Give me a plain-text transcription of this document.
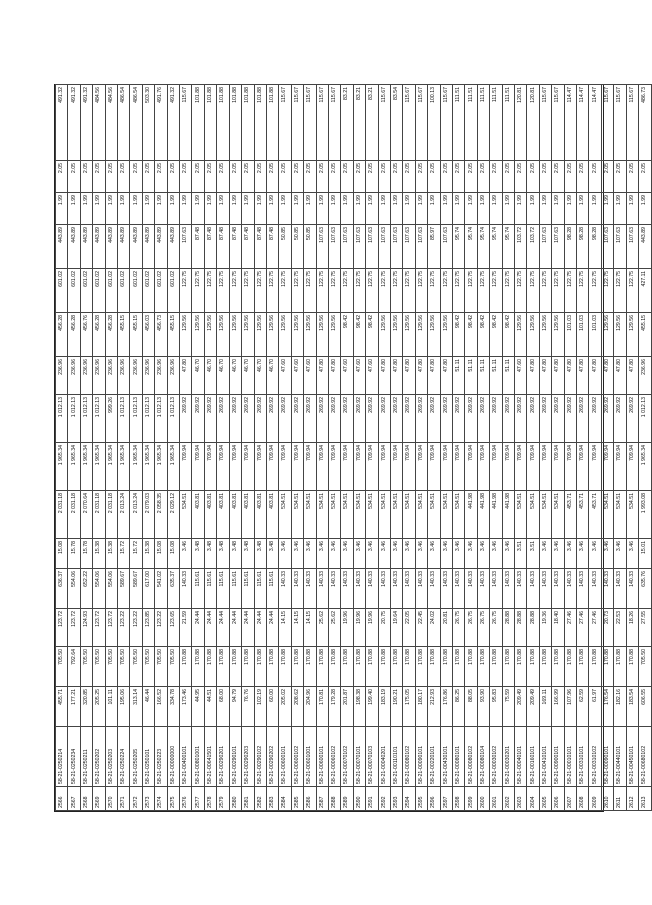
2566	58-21-0250214	455.71	705.50	123.72	636.37	15.08	2 031.18	1 965.34	1 012.13	236.96	456.28	601.02	443.89	1.99	2.05	491.32
2567	58-21-0250234	177.21	792.64	123.72	554.06	15.78	2 031.18	1 965.34	1 012.13	236.96	456.28	601.02	443.89	1.99	2.05	491.32
2568	58-21-0250211	320.85	705.50	124.93	652.22	15.78	2 070.64	1 965.34	1 012.13	236.96	456.76	601.02	443.89	1.99	2.05	491.32
2569	58-21-0250202	205.25	705.50	123.72	554.06	15.38	2 031.18	1 965.34	1 012.13	236.96	456.28	601.02	443.89	1.99	2.05	484.56
2570	58-21-0250203	101.11	705.50	123.72	554.06	15.38	2 031.18	1 965.34	999.26	236.96	456.28	601.02	443.89	1.99	2.05	484.56
2571	58-21-0250224	195.06	705.50	123.22	589.67	15.72	2 013.24	1 965.34	1 012.13	236.96	455.15	601.02	443.89	1.99	2.05	486.54
2572	58-21-0250205	313.14	705.50	123.22	589.67	15.72	2 013.24	1 965.34	1 012.13	236.96	455.15	601.02	443.89	1.99	2.05	486.54
2573	58-21-0250101	46.44	705.50	123.85	617.00	15.38	2 079.03	1 965.34	1 012.13	236.96	456.03	601.02	443.89	1.99	2.05	503.30
2574	58-21-0250223	166.52	705.50	123.22	541.02	15.08	2 058.35	1 965.34	1 012.13	236.96	456.73	601.02	443.89	1.99	2.05	491.76
2575	58-21-00000000	334.78	705.50	123.65	635.37	15.08	2 029.12	1 965.34	1 012.13	236.96	455.15	601.02	443.89	1.99	2.05	491.32
2576	58-21-00400101	173.46	170.88	21.59	140.33	3.46	534.51	709.94	269.92	47.80	129.56	122.75	107.63	1.99	2.05	115.67
2577	58-21-00801001	44.95	170.88	24.44	115.61	3.48	403.81	709.94	269.92	46.70	129.56	122.75	87.48	1.99	2.05	101.88
2578	58-21-00641501	44.51	170.88	24.44	115.61	3.48	403.81	709.94	269.92	46.70	129.56	122.75	87.48	1.99	2.05	101.88
2579	58-21-00290201	68.00	170.88	24.44	115.61	3.48	403.81	709.94	269.92	46.70	129.56	122.75	87.48	1.99	2.05	101.88
2580	58-21-00290101	94.79	170.88	24.44	115.61	3.48	403.81	709.94	269.92	46.70	129.56	122.75	87.48	1.99	2.05	101.88
2581	58-21-00290203	76.76	170.88	24.44	115.61	3.48	403.81	709.94	269.92	46.70	129.56	122.75	87.48	1.99	2.05	101.88
2582	58-21-00290102	102.19	170.88	24.44	115.61	3.48	403.81	709.94	269.92	46.70	129.56	122.75	87.48	1.99	2.05	101.88
2583	58-21-00290202	60.00	170.88	24.44	115.61	3.48	403.81	709.94	269.92	46.70	129.56	122.75	87.48	1.99	2.05	101.88
2584	58-21-00600101	205.02	170.88	14.15	140.33	3.46	534.51	709.94	269.92	47.60	129.56	122.75	50.85	1.99	2.05	115.67
2585	58-21-00600102	208.62	170.88	14.15	140.33	3.46	534.51	709.94	269.92	47.60	129.56	122.75	50.85	1.99	2.05	115.67
2586	58-21-00601001	204.96	170.88	14.15	140.33	3.46	534.51	709.94	269.92	47.60	129.56	122.75	50.85	1.99	2.05	115.67
2587	58-21-00600101	170.81	170.88	25.62	140.33	3.46	534.51	709.94	269.92	47.80	129.56	122.75	107.63	1.99	2.05	115.67
2588	58-21-00060102	179.28	170.88	25.62	140.33	3.46	534.51	709.94	269.92	47.80	129.56	122.75	107.63	1.99	2.05	115.67
2589	58-21-00070102	201.87	170.88	19.96	140.33	3.46	534.51	709.94	269.92	47.60	98.42	122.75	107.63	1.99	2.05	83.21
2590	58-21-00070101	198.38	170.88	19.96	140.33	3.46	534.51	709.94	269.92	47.60	98.42	122.75	107.63	1.99	2.05	83.21
2591	58-21-00070103	199.40	170.88	19.96	140.33	3.46	534.51	709.94	269.92	47.60	98.42	122.75	107.63	1.99	2.05	83.21
2592	58-21-00040201	183.19	170.88	20.75	140.33	3.46	534.51	709.94	269.92	47.80	129.56	122.75	107.63	1.99	2.05	115.67
2593	58-21-00110101	190.21	170.88	19.64	140.33	3.46	534.51	709.94	269.92	47.80	129.56	122.75	107.63	1.99	2.05	83.54
2594	58-21-00080102	175.05	170.88	22.05	140.33	3.46	534.51	709.94	269.92	47.80	129.56	122.75	107.63	1.99	2.05	115.67
2595	58-21-00090101	180.17	170.88	22.45	140.33	3.46	534.51	709.94	269.92	47.80	129.56	122.75	107.63	1.99	2.05	115.67
2596	58-21-00220101	212.93	170.88	24.02	140.33	3.46	534.51	709.94	269.92	47.80	129.56	122.75	85.97	1.99	2.05	100.13
2597	58-21-00430101	176.86	170.88	20.81	140.33	3.46	534.51	709.94	269.92	47.80	129.56	122.75	107.63	1.99	2.05	115.67
2598	58-21-00080101	86.25	170.88	26.75	140.33	3.46	534.51	709.94	269.92	51.11	98.42	122.75	95.74	1.99	2.05	111.51
2599	58-21-00080102	88.05	170.88	26.75	140.33	3.46	441.98	709.94	269.92	51.11	98.42	122.75	95.74	1.99	2.05	111.51
2600	58-21-00080104	93.90	170.88	26.75	140.33	3.46	441.98	709.94	269.92	51.11	98.42	122.75	95.74	1.99	2.05	111.51
2601	58-21-00030102	95.83	170.88	26.75	140.33	3.46	441.98	709.94	269.92	51.11	98.42	122.75	95.74	1.99	2.05	111.51
2602	58-21-00030201	75.59	170.88	28.88	140.33	3.46	441.98	709.94	269.92	51.11	98.42	122.75	95.74	1.99	2.05	111.51
2603	58-21-00040101	209.49	170.88	28.88	140.33	3.51	534.51	709.94	269.92	47.60	129.56	122.75	103.72	1.99	2.05	120.81
2604	58-21-00160101	209.49	170.88	28.88	140.33	3.51	534.51	709.94	269.92	47.80	129.56	122.75	103.72	1.99	2.05	120.81
2605	58-21-00410101	169.11	170.88	19.36	140.33	3.46	534.51	709.94	269.92	47.80	129.56	122.75	107.63	1.99	2.05	115.67
2606	58-21-00900101	166.99	170.88	18.40	140.33	3.46	534.51	709.94	269.92	47.80	129.56	122.75	107.63	1.99	2.05	115.67
2607	58-21-00010101	107.96	170.88	27.46	140.33	3.46	453.71	709.94	269.92	47.80	101.03	122.75	98.28	1.99	2.05	114.47
2608	58-21-00310101	62.59	170.88	27.46	140.33	3.46	453.71	709.94	269.92	47.80	101.03	122.75	98.28	1.99	2.05	114.47
2609	58-21-00310102	61.97	170.88	27.46	140.33	3.46	453.71	709.94	269.92	47.80	101.03	122.75	98.28	1.99	2.05	114.47
2610	58-21-00090101	176.54	170.88	20.73	140.33	3.46	534.51	709.94	269.92	47.80	129.56	122.75	107.63	1.99	2.05	115.67
2611	58-21-00440101	182.16	170.88	22.53	140.33	3.46	534.51	709.94	269.92	47.80	129.56	122.75	107.63	1.99	2.05	115.67
2612	58-21-00450101	183.54	170.88	18.26	140.33	3.46	534.51	709.94	269.92	47.80	129.56	122.75	107.63	1.99	2.05	115.67
2613	58-21-00680102	606.55	705.50	27.55	635.76	15.01	1 993.08	1 965.34	1 012.13	236.96	455.15	427.11	443.89	1.99	2.05	486.73
